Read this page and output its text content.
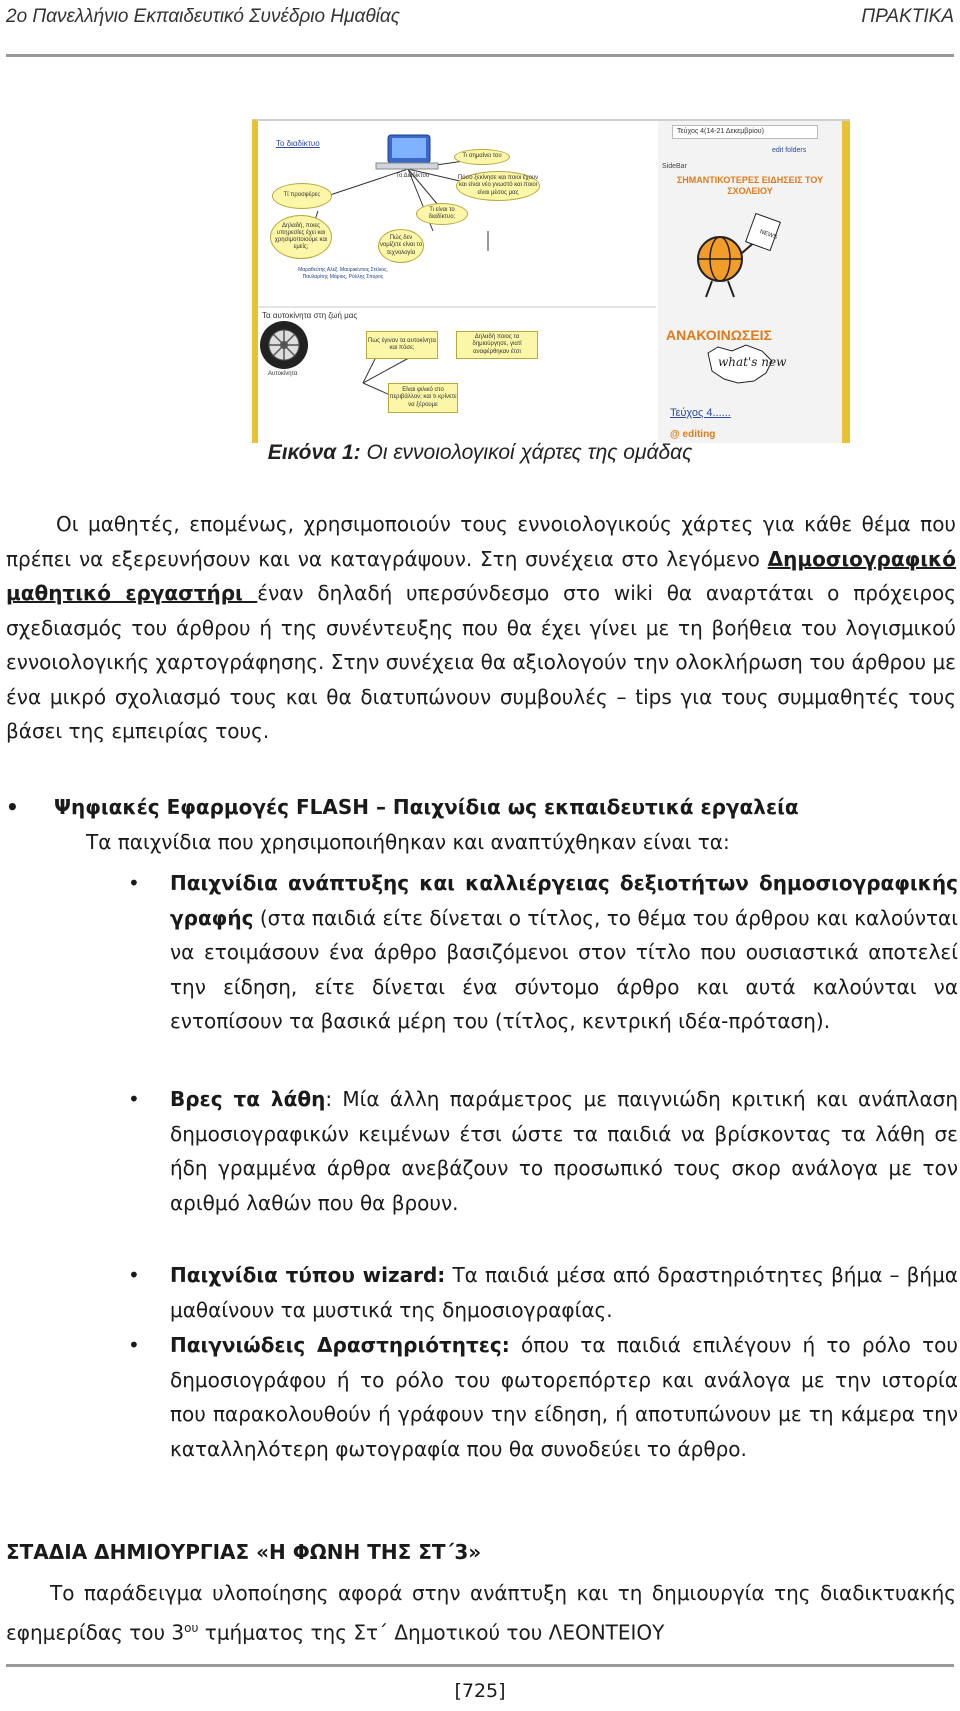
2ο Πανελλήνιο Εκπαιδευτικό Συνέδριο Ημαθίας	ΠΡΑΚΤΙΚΑ
Το διαδίκτυο
Το Διαδίκτυο
Τί προσφέρει;
Δηλαδή, ποιες υπηρεσίες έχει και χρησιμοποιούμε και εμείς;
Τι σημαίνει του
Πόσο ξεκίνησε και ποιοι έχουν και είναι νέο γνωστό και ποιοι είναι μέσος μας
Τι είναι το διαδίκτυο;
Πώς δεν νομίζετε είναι το τεχνολογία
Μαραθεύτης Αλεξ. Μαυρικέντιος Στέλιος, Παυλαρίτης Μάριος, Ρόλλης Σπύρος
Τα αυτοκίνητα στη ζωή μας
Αυτοκίνητα
Πως έγιναν τα αυτοκίνητα και πόσε;
Δηλαδή ποιος τα δημιούργησε, γιατί αναφέρθηκαν έτσι
Είναι φιλικό στο περιβάλλον; και τι κρίνετε να ξέρουμε
Τεύχος 4(14-21 Δεκεμβρίου)
edit folders
SideBar
ΣΗΜΑΝΤΙΚΟΤΕΡΕΣ ΕΙΔΗΣΕΙΣ ΤΟΥ ΣΧΟΛΕΙΟΥ
what's new
NEWS
ΑΝΑΚΟΙΝΩΣΕΙΣ
Τεύχος 4......
@ editing
Εικόνα 1: Οι εννοιολογικοί χάρτες της ομάδας
Οι μαθητές, επομένως, χρησιμοποιούν τους εννοιολογικούς χάρτες για κάθε θέμα που πρέπει να εξερευνήσουν και να καταγράψουν. Στη συνέχεια στο λεγόμενο Δημοσιογραφικό μαθητικό εργαστήρι έναν δηλαδή υπερσύνδεσμο στο wiki θα αναρτάται ο πρόχειρος σχεδιασμός του άρθρου ή της συνέντευξης που θα έχει γίνει με τη βοήθεια του λογισμικού εννοιολογικής χαρτογράφησης. Στην συνέχεια θα αξιολογούν την ολοκλήρωση του άρθρου με ένα μικρό σχολιασμό τους και θα διατυπώνουν συμβουλές – tips για τους συμμαθητές τους βάσει της εμπειρίας τους.
• Ψηφιακές Εφαρμογές FLASH – Παιχνίδια ως εκπαιδευτικά εργαλεία
Τα παιχνίδια που χρησιμοποιήθηκαν και αναπτύχθηκαν είναι τα:
•	Παιχνίδια ανάπτυξης και καλλιέργειας δεξιοτήτων δημοσιογραφικής γραφής (στα παιδιά είτε δίνεται ο τίτλος, το θέμα του άρθρου και καλούνται να ετοιμάσουν ένα άρθρο βασιζόμενοι στον τίτλο που ουσιαστικά αποτελεί την είδηση, είτε δίνεται ένα σύντομο άρθρο και αυτά καλούνται να εντοπίσουν τα βασικά μέρη του (τίτλος, κεντρική ιδέα-πρόταση).
•	Βρες τα λάθη: Μία άλλη παράμετρος με παιγνιώδη κριτική και ανάπλαση δημοσιογραφικών κειμένων έτσι ώστε τα παιδιά να βρίσκοντας τα λάθη σε ήδη γραμμένα άρθρα ανεβάζουν το προσωπικό τους σκορ ανάλογα με τον αριθμό λαθών που θα βρουν.
•	Παιχνίδια τύπου wizard: Τα παιδιά μέσα από δραστηριότητες βήμα – βήμα μαθαίνουν τα μυστικά της δημοσιογραφίας.
•	Παιγνιώδεις Δραστηριότητες: όπου τα παιδιά επιλέγουν ή το ρόλο του δημοσιογράφου ή το ρόλο του φωτορεπόρτερ και ανάλογα με την ιστορία που παρακολουθούν ή γράφουν την είδηση, ή αποτυπώνουν με τη κάμερα την καταλληλότερη φωτογραφία που θα συνοδεύει το άρθρο.
ΣΤΑΔΙΑ ΔΗΜΙΟΥΡΓΙΑΣ «Η ΦΩΝΗ ΤΗΣ ΣΤ΄3»
Το παράδειγμα υλοποίησης αφορά στην ανάπτυξη και τη δημιουργία της διαδικτυακής εφημερίδας του $3^{o\upsilon}$ τμήματος της Στ΄ Δημοτικού του ΛΕΟΝΤΕΙΟΥ
[725]
